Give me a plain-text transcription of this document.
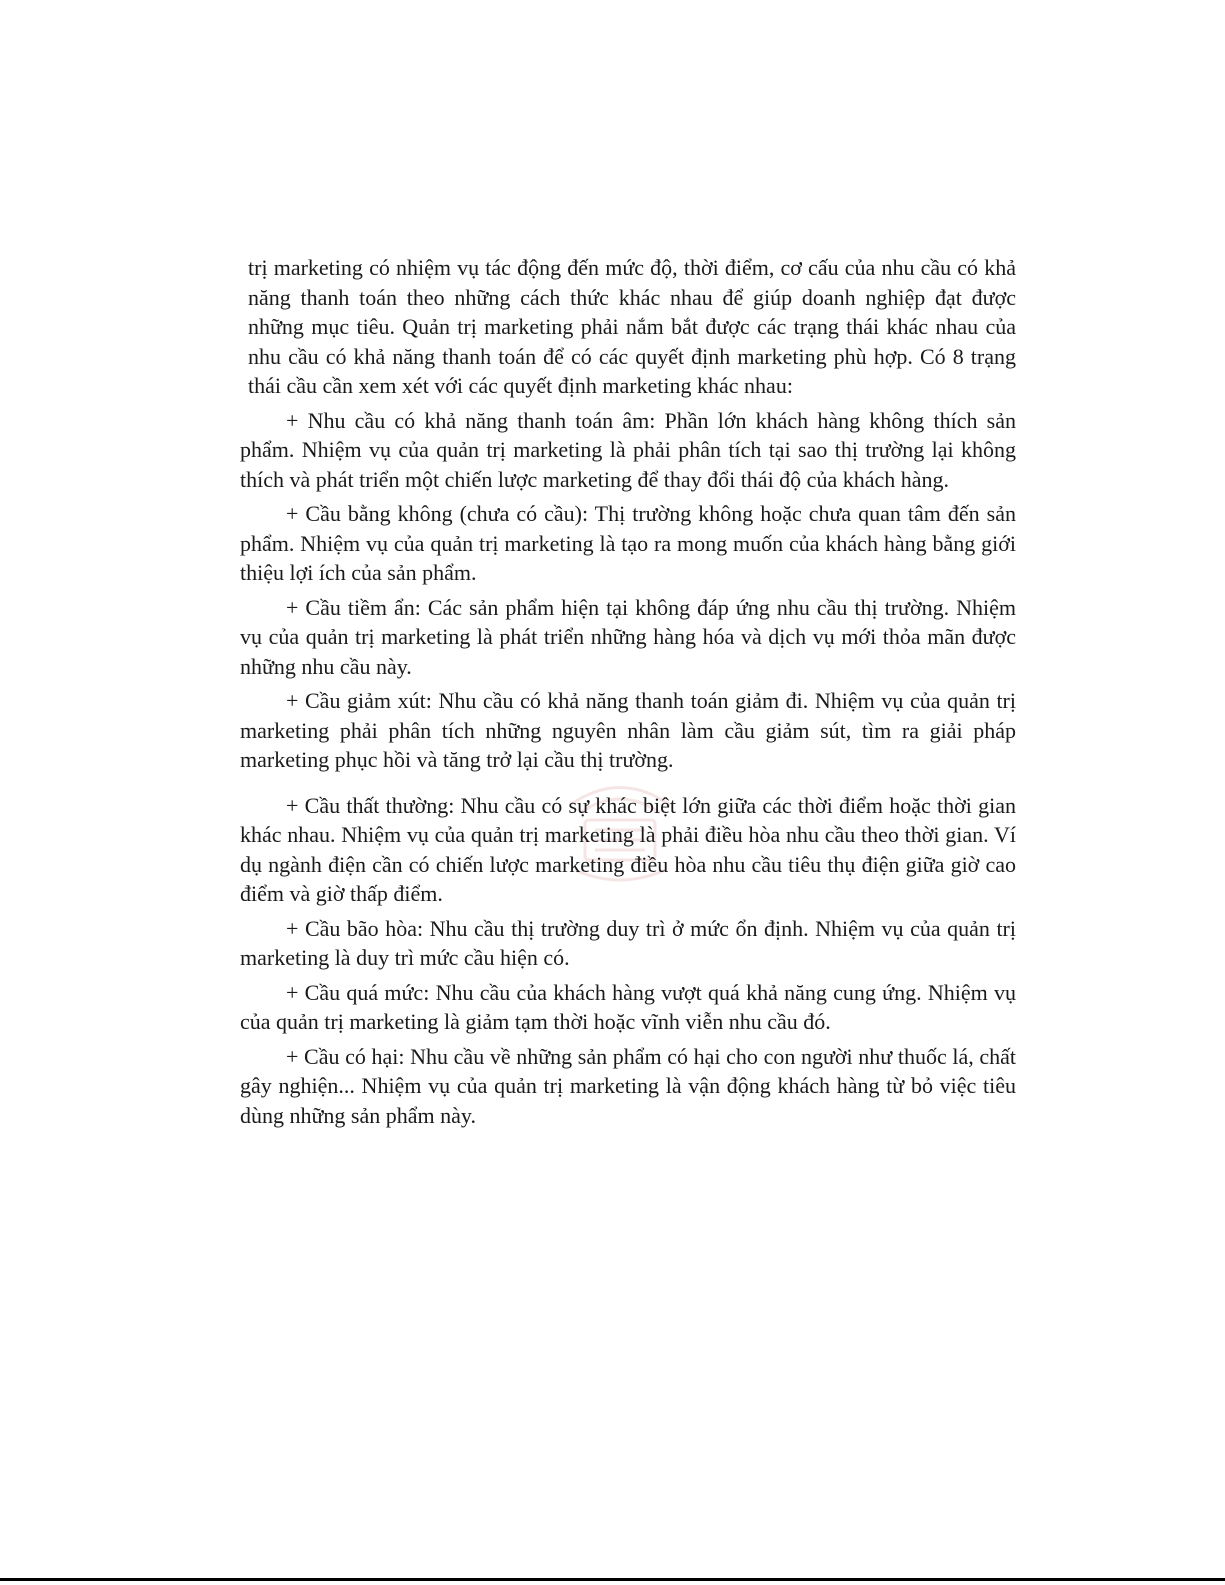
trị marketing có nhiệm vụ tác động đến mức độ, thời điểm, cơ cấu của nhu cầu có khả năng thanh toán theo những cách thức khác nhau để giúp doanh nghiệp đạt được những mục tiêu. Quản trị marketing phải nắm bắt được các trạng thái khác nhau của nhu cầu có khả năng thanh toán để có các quyết định marketing phù hợp. Có 8 trạng thái cầu cần xem xét với các quyết định marketing khác nhau:

+ Nhu cầu có khả năng thanh toán âm: Phần lớn khách hàng không thích sản phẩm. Nhiệm vụ của quản trị marketing là phải phân tích tại sao thị trường lại không thích và phát triển một chiến lược marketing để thay đổi thái độ của khách hàng.

+ Cầu bằng không (chưa có cầu): Thị trường không hoặc chưa quan tâm đến sản phẩm. Nhiệm vụ của quản trị marketing là tạo ra mong muốn của khách hàng bằng giới thiệu lợi ích của sản phẩm.

+ Cầu tiềm ẩn: Các sản phẩm hiện tại không đáp ứng nhu cầu thị trường. Nhiệm vụ của quản trị marketing là phát triển những hàng hóa và dịch vụ mới thỏa mãn được những nhu cầu này.

+ Cầu giảm xút: Nhu cầu có khả năng thanh toán giảm đi. Nhiệm vụ của quản trị marketing phải phân tích những nguyên nhân làm cầu giảm sút, tìm ra giải pháp marketing phục hồi và tăng trở lại cầu thị trường.

+ Cầu thất thường: Nhu cầu có sự khác biệt lớn giữa các thời điểm hoặc thời gian khác nhau. Nhiệm vụ của quản trị marketing là phải điều hòa nhu cầu theo thời gian. Ví dụ ngành điện cần có chiến lược marketing điều hòa nhu cầu tiêu thụ điện giữa giờ cao điểm và giờ thấp điểm.

+ Cầu bão hòa: Nhu cầu thị trường duy trì ở mức ổn định. Nhiệm vụ của quản trị marketing là duy trì mức cầu hiện có.

+ Cầu quá mức: Nhu cầu của khách hàng vượt quá khả năng cung ứng. Nhiệm vụ của quản trị marketing là giảm tạm thời hoặc vĩnh viễn nhu cầu đó.

+ Cầu có hại: Nhu cầu về những sản phẩm có hại cho con người như thuốc lá, chất gây nghiện... Nhiệm vụ của quản trị marketing là vận động khách hàng từ bỏ việc tiêu dùng những sản phẩm này.
